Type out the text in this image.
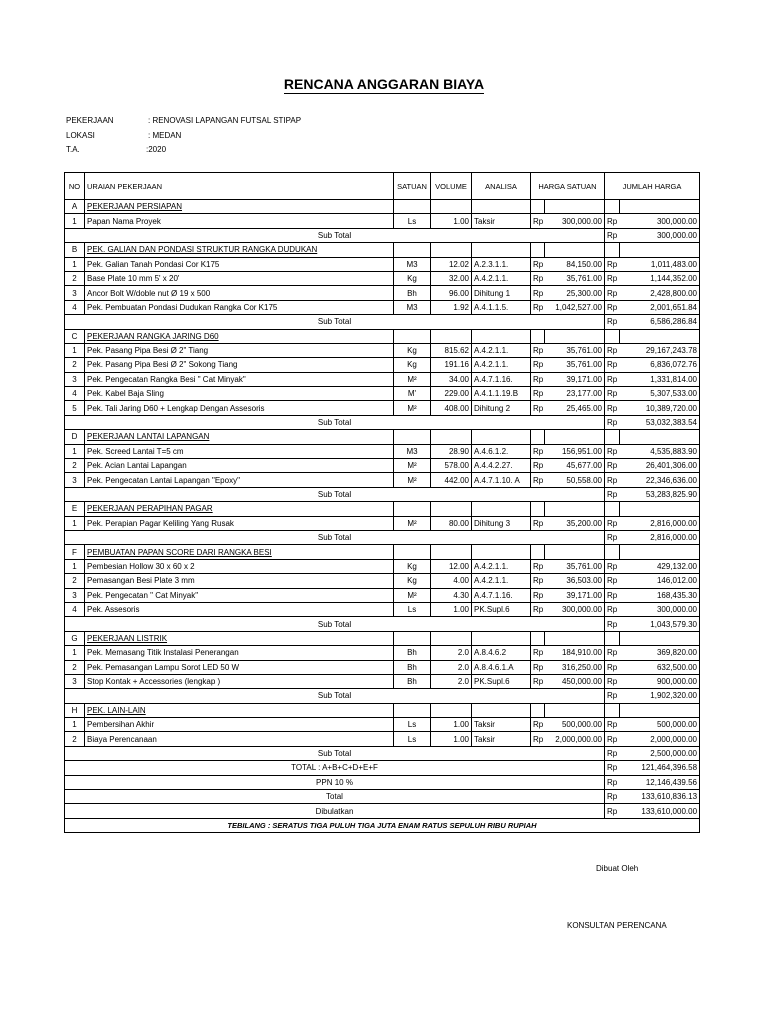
RENCANA ANGGARAN BIAYA
PEKERJAAN	: RENOVASI LAPANGAN FUTSAL STIPAP
LOKASI	: MEDAN
T.A.	:2020
NO	URAIAN PEKERJAAN	SATUAN	VOLUME	ANALISA	HARGA SATUAN		JUMLAH HARGA	
A	PEKERJAAN PERSIAPAN							
1	Papan Nama Proyek	Ls	1.00	Taksir	Rp	300,000.00	Rp	300,000.00
Sub Total							Rp	300,000.00
B	PEK. GALIAN DAN PONDASI STRUKTUR RANGKA DUDUKAN							
1	Pek. Galian Tanah Pondasi Cor K175	M3	12.02	A.2.3.1.1.	Rp	84,150.00	Rp	1,011,483.00
2	Base Plate 10 mm 5' x 20'	Kg	32.00	A.4.2.1.1.	Rp	35,761.00	Rp	1,144,352.00
3	Ancor Bolt W/doble nut Ø 19 x 500	Bh	96.00	Dihitung 1	Rp	25,300.00	Rp	2,428,800.00
4	Pek. Pembuatan Pondasi Dudukan Rangka Cor K175	M3	1.92	A.4.1.1.5.	Rp	1,042,527.00	Rp	2,001,651.84
Sub Total							Rp	6,586,286.84
C	PEKERJAAN RANGKA JARING D60							
1	Pek. Pasang Pipa Besi Ø 2" Tiang	Kg	815.62	A.4.2.1.1.	Rp	35,761.00	Rp	29,167,243.78
2	Pek. Pasang Pipa Besi Ø 2" Sokong Tiang	Kg	191.16	A.4.2.1.1.	Rp	35,761.00	Rp	6,836,072.76
3	Pek. Pengecatan Rangka Besi " Cat Minyak"	M²	34.00	A.4.7.1.16.	Rp	39,171.00	Rp	1,331,814.00
4	Pek. Kabel Baja Sling	M'	229.00	A.4.1.1.19.B	Rp	23,177.00	Rp	5,307,533.00
5	Pek. Tali Jaring D60 + Lengkap Dengan Assesoris	M²	408.00	Dihitung 2	Rp	25,465.00	Rp	10,389,720.00
Sub Total							Rp	53,032,383.54
D	PEKERJAAN LANTAI LAPANGAN							
1	Pek. Screed Lantai T=5 cm	M3	28.90	A.4.6.1.2.	Rp	156,951.00	Rp	4,535,883.90
2	Pek. Acian Lantai Lapangan	M²	578.00	A.4.4.2.27.	Rp	45,677.00	Rp	26,401,306.00
3	Pek. Pengecatan Lantai Lapangan "Epoxy"	M²	442.00	A.4.7.1.10. A	Rp	50,558.00	Rp	22,346,636.00
Sub Total							Rp	53,283,825.90
E	PEKERJAAN PERAPIHAN PAGAR							
1	Pek. Perapian Pagar Keliling Yang Rusak	M²	80.00	Dihitung 3	Rp	35,200.00	Rp	2,816,000.00
Sub Total							Rp	2,816,000.00
F	PEMBUATAN PAPAN SCORE DARI RANGKA BESI							
1	Pembesian Hollow 30 x 60 x 2	Kg	12.00	A.4.2.1.1.	Rp	35,761.00	Rp	429,132.00
2	Pemasangan Besi Plate 3 mm	Kg	4.00	A.4.2.1.1.	Rp	36,503.00	Rp	146,012.00
3	Pek. Pengecatan " Cat Minyak"	M²	4.30	A.4.7.1.16.	Rp	39,171.00	Rp	168,435.30
4	Pek. Assesoris	Ls	1.00	PK.Supl.6	Rp	300,000.00	Rp	300,000.00
Sub Total							Rp	1,043,579.30
G	PEKERJAAN LISTRIK							
1	Pek. Memasang Titik Instalasi Penerangan	Bh	2.0	A.8.4.6.2	Rp	184,910.00	Rp	369,820.00
2	Pek. Pemasangan Lampu Sorot LED 50 W	Bh	2.0	A.8.4.6.1.A	Rp	316,250.00	Rp	632,500.00
3	Stop Kontak + Accessories (lengkap )	Bh	2.0	PK.Supl.6	Rp	450,000.00	Rp	900,000.00
Sub Total							Rp	1,902,320.00
H	PEK. LAIN-LAIN							
1	Pembersihan Akhir	Ls	1.00	Taksir	Rp	500,000.00	Rp	500,000.00
2	Biaya Perencanaan	Ls	1.00	Taksir	Rp	2,000,000.00	Rp	2,000,000.00
Sub Total							Rp	2,500,000.00
TOTAL : A+B+C+D+E+F							Rp	121,464,396.58
PPN 10 %							Rp	12,146,439.56
Total							Rp	133,610,836.13
Dibulatkan							Rp	133,610,000.00
TEBILANG : SERATUS TIGA PULUH TIGA JUTA ENAM RATUS SEPULUH RIBU RUPIAH								
Dibuat Oleh
KONSULTAN PERENCANA
